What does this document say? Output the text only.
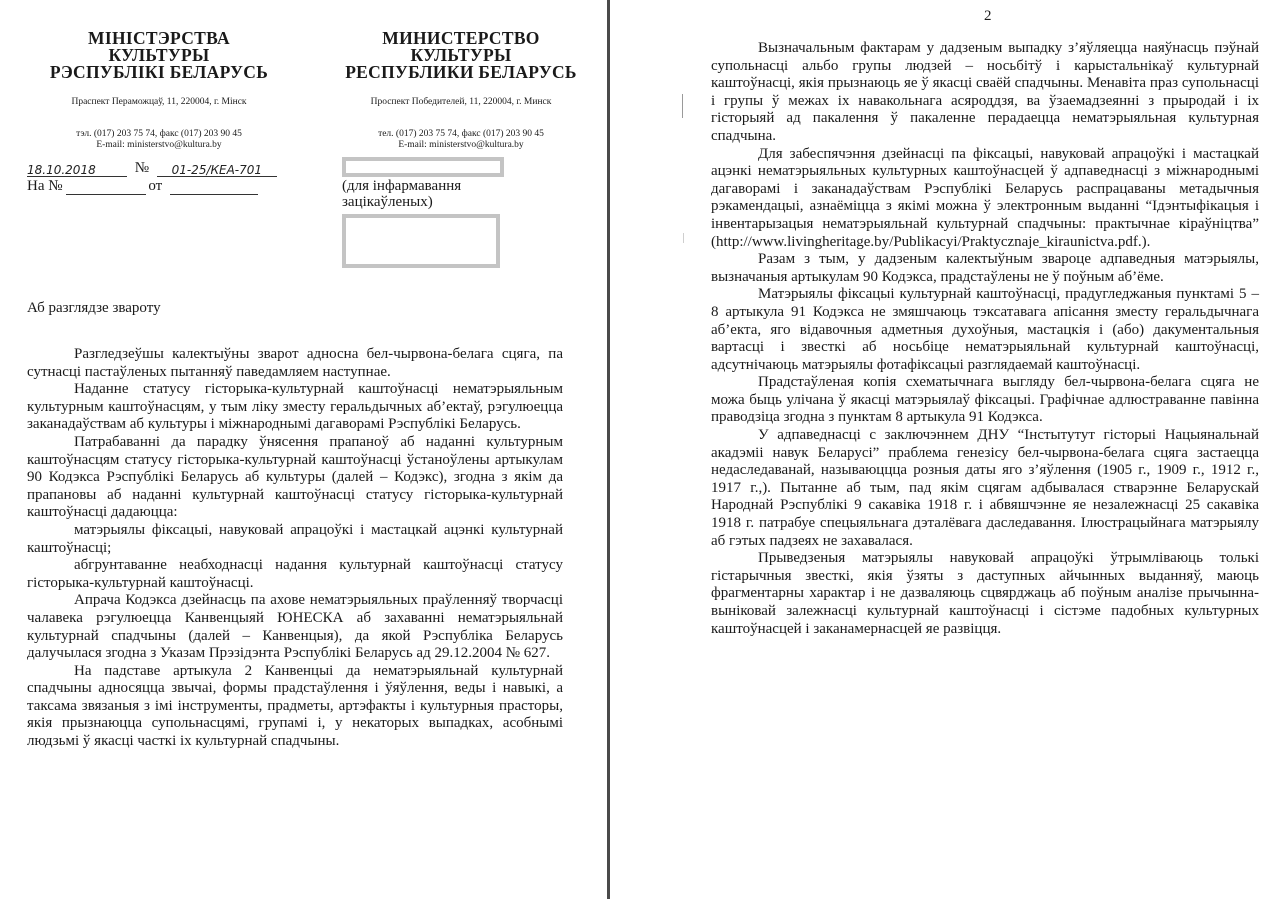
МІНІСТЭРСТВА
КУЛЬТУРЫ
РЭСПУБЛІКІ БЕЛАРУСЬ
Праспект Пераможцаў, 11, 220004, г. Мінск
тэл. (017) 203 75 74, факс (017) 203 90 45
E-mail: ministerstvo@kultura.by
МИНИСТЕРСТВО
КУЛЬТУРЫ
РЕСПУБЛИКИ БЕЛАРУСЬ
Проспект Победителей, 11, 220004, г. Минск
тел. (017) 203 75 74, факс (017) 203 90 45
E-mail: ministerstvo@kultura.by
18.10.2018	№ 01-25/КЕА-701
На №	от	(для інфармавання
зацікаўленых)
Аб разглядзе звароту

Разгледзеўшы калектыўны зварот адносна бел-чырвона-белага сцяга, па сутнасці пастаўленых пытанняў паведамляем наступнае.

Наданне статусу гісторыка-культурнай каштоўнасці нематэрыяльным культурным каштоўнасцям, у тым ліку зместу геральдычных аб’ектаў, рэгулюецца заканадаўствам аб культуры і міжнароднымі дагаворамі Рэспублікі Беларусь.

Патрабаванні да парадку ўнясення прапаноў аб наданні культурным каштоўнасцям статусу гісторыка-культурнай каштоўнасці ўстаноўлены артыкулам 90 Кодэкса Рэспублікі Беларусь аб культуры (далей – Кодэкс), згодна з якім да прапановы аб наданні культурнай каштоўнасці статусу гісторыка-культурнай каштоўнасці дадаюцца:

матэрыялы фіксацыі, навуковай апрацоўкі і мастацкай ацэнкі культурнай каштоўнасці;

абгрунтаванне неабходнасці надання культурнай каштоўнасці статусу гісторыка-культурнай каштоўнасці.

Апрача Кодэкса дзейнасць па ахове нематэрыяльных праўленняў творчасці чалавека рэгулюецца Канвенцыяй ЮНЕСКА аб захаванні нематэрыяльнай культурнай спадчыны (далей – Канвенцыя), да якой Рэспубліка Беларусь далучылася згодна з Указам Прэзідэнта Рэспублікі Беларусь ад 29.12.2004 № 627.

На падставе артыкула 2 Канвенцыі да нематэрыяльнай культурнай спадчыны адносяцца звычаі, формы прадстаўлення і ўяўлення, веды і навыкі, а таксама звязаныя з імі інструменты, прадметы, артэфакты і культурныя прасторы, якія прызнаюцца супольнасцямі, групамі і, у некаторых выпадках, асобнымі людзьмі ў якасці часткі іх культурнай спадчыны.

2

Вызначальным фактарам у дадзеным выпадку з’яўляецца наяўнасць пэўнай супольнасці альбо групы людзей – носьбітў і карыстальнікаў культурнай каштоўнасці, якія прызнаюць яе ў якасці сваёй спадчыны. Менавіта праз супольнасці і групы ў межах іх навакольнага асяроддзя, ва ўзаемадзеянні з прыродай і іх гісторыяй ад пакалення ў пакаленне перадаецца нематэрыяльная культурная спадчына.

Для забеспячэння дзейнасці па фіксацыі, навуковай апрацоўкі і мастацкай ацэнкі нематэрыяльных культурных каштоўнасцей ў адпаведнасці з міжнароднымі дагаворамі і заканадаўствам Рэспублікі Беларусь распрацаваны метадычныя рэкамендацыі, азнаёміцца з якімі можна ў электронным выданні “Ідэнтыфікацыя і інвентарызацыя нематэрыяльнай культурнай спадчыны: практычнае кіраўніцтва” (http://www.livingheritage.by/Publikacyi/Praktycznaje_kiraunictva.pdf.).

Разам з тым, у дадзеным калектыўным звароце адпаведныя матэрыялы, вызначаныя артыкулам 90 Кодэкса, прадстаўлены не ў поўным аб’ёме.

Матэрыялы фіксацыі культурнай каштоўнасці, прадугледжаныя пунктамі 5 – 8 артыкула 91 Кодэкса не змяшчаюць тэксатавага апісання зместу геральдычнага аб’екта, яго відавочныя адметныя духоўныя, мастацкія і (або) дакументальныя вартасці і звесткі аб носьбіце нематэрыяльнай культурнай каштоўнасці, адсутнічаюць матэрыялы фотафіксацыі разглядаемай каштоўнасці.

Прадстаўленая копія схематычнага выгляду бел-чырвона-белага сцяга не можа быць улічана ў якасці матэрыялаў фіксацыі. Графічнае адлюстраванне павінна праводзіца згодна з пунктам 8 артыкула 91 Кодэкса.

У адпаведнасці с заключэннем ДНУ “Інстытутут гісторыі Нацыянальнай акадэміі навук Беларусі” праблема генезісу бел-чырвона-белага сцяга застаецца недаследаванай, называюццца розныя даты яго з’яўлення (1905 г., 1909 г., 1912 г., 1917 г.,). Пытанне аб тым, пад якім сцягам адбывалася стварэнне Беларускай Народнай Рэспублікі 9 сакавіка 1918 г. і абвяшчэнне яе незалежнасці 25 сакавіка 1918 г. патрабуе спецыяльнага дэталёвага даследавання. Ілюстрацыйнага матэрыялу аб гэтых падзеях не захавалася.

Прыведзеныя матэрыялы навуковай апрацоўкі ўтрымліваюць толькі гістарычныя звесткі, якія ўзяты з даступных айчынных выданняў, маюць фрагментарны характар і не дазваляюць сцвярджаць аб поўным аналізе прычынна-выніковай залежнасці культурнай каштоўнасці і сістэме падобных культурных каштоўнасцей і заканамернасцей яе развіцця.
